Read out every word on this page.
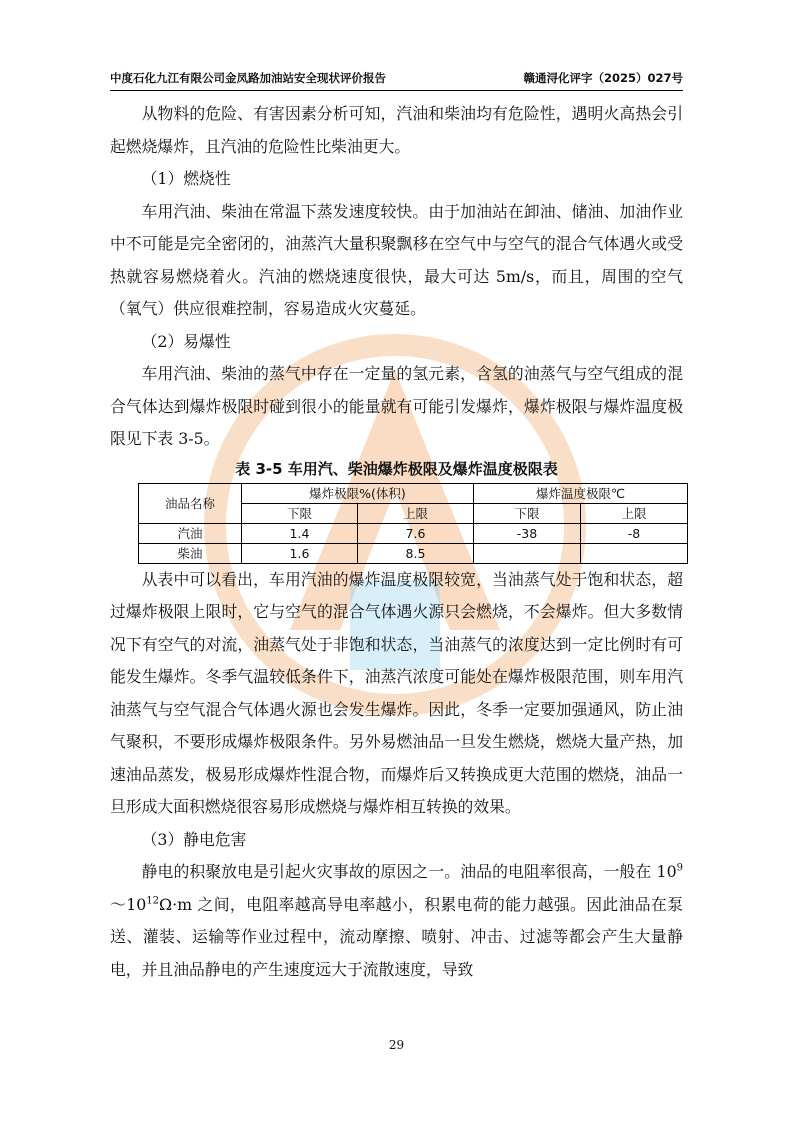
中度石化九江有限公司金凤路加油站安全现状评价报告	赣通浔化评字（2025）027号

从物料的危险、有害因素分析可知，汽油和柴油均有危险性，遇明火高热会引起燃烧爆炸，且汽油的危险性比柴油更大。

（1）燃烧性

车用汽油、柴油在常温下蒸发速度较快。由于加油站在卸油、储油、加油作业中不可能是完全密闭的，油蒸汽大量积聚飘移在空气中与空气的混合气体遇火或受热就容易燃烧着火。汽油的燃烧速度很快，最大可达 5m/s，而且，周围的空气（氧气）供应很难控制，容易造成火灾蔓延。

（2）易爆性

车用汽油、柴油的蒸气中存在一定量的氢元素，含氢的油蒸气与空气组成的混合气体达到爆炸极限时碰到很小的能量就有可能引发爆炸，爆炸极限与爆炸温度极限见下表 3-5。

表 3-5 车用汽、柴油爆炸极限及爆炸温度极限表
油品名称	爆炸极限%(体积)		爆炸温度极限℃	
	下限	上限	下限	上限
汽油	1.4	7.6	-38	-8
柴油	1.6	8.5		

从表中可以看出，车用汽油的爆炸温度极限较宽，当油蒸气处于饱和状态，超过爆炸极限上限时，它与空气的混合气体遇火源只会燃烧，不会爆炸。但大多数情况下有空气的对流，油蒸气处于非饱和状态，当油蒸气的浓度达到一定比例时有可能发生爆炸。冬季气温较低条件下，油蒸汽浓度可能处在爆炸极限范围，则车用汽油蒸气与空气混合气体遇火源也会发生爆炸。因此，冬季一定要加强通风，防止油气聚积，不要形成爆炸极限条件。另外易燃油品一旦发生燃烧，燃烧大量产热，加速油品蒸发，极易形成爆炸性混合物，而爆炸后又转换成更大范围的燃烧，油品一旦形成大面积燃烧很容易形成燃烧与爆炸相互转换的效果。

（3）静电危害

静电的积聚放电是引起火灾事故的原因之一。油品的电阻率很高，一般在 $10^9\sim 10^{12}\Omega\cdot m$ 之间，电阻率越高导电率越小，积累电荷的能力越强。因此油品在泵送、灌装、运输等作业过程中，流动摩擦、喷射、冲击、过滤等都会产生大量静电，并且油品静电的产生速度远大于流散速度，导致

29
